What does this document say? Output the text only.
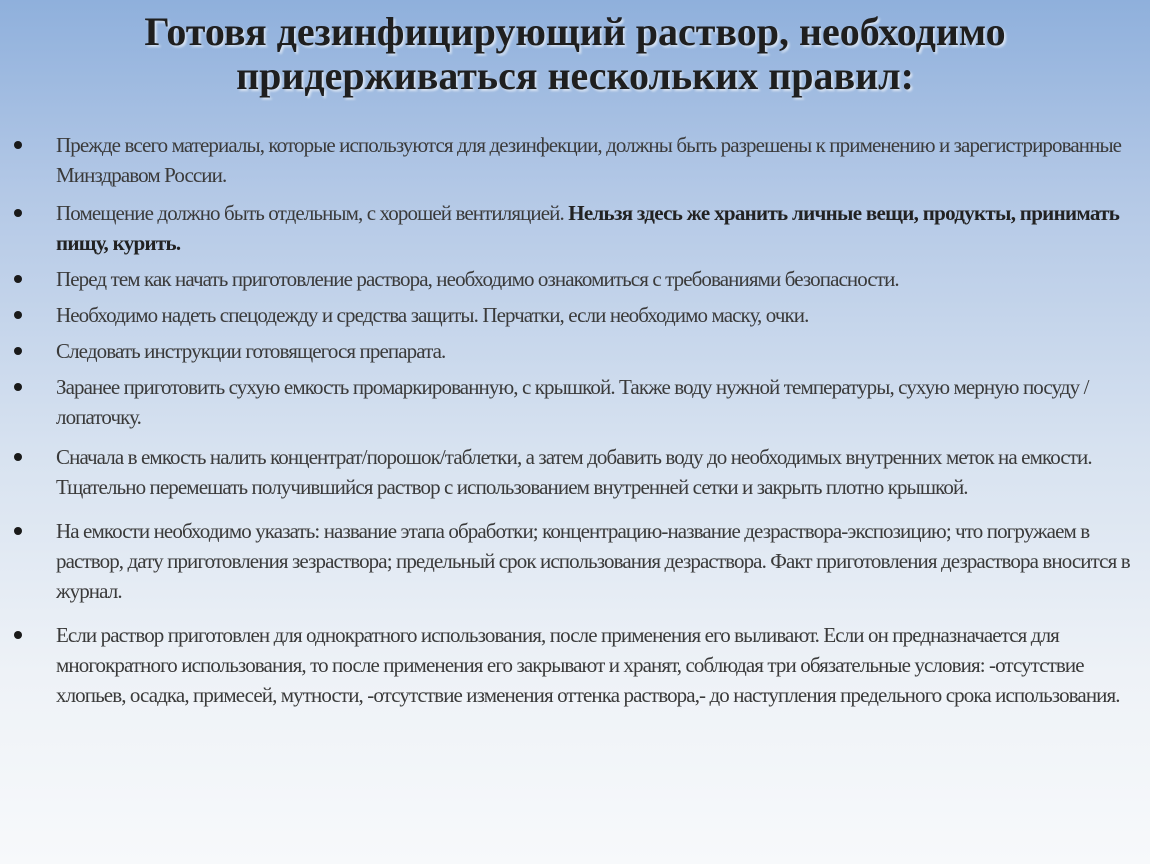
Готовя дезинфицирующий раствор, необходимо придерживаться нескольких правил:
Прежде всего материалы, которые используются для дезинфекции, должны быть разрешены к применению и зарегистрированные Минздравом России.
Помещение должно быть отдельным, с хорошей вентиляцией. Нельзя здесь же хранить личные вещи, продукты, принимать пищу, курить.
Перед тем как начать приготовление раствора, необходимо ознакомиться с требованиями безопасности.
Необходимо надеть спецодежду и средства защиты. Перчатки, если необходимо маску, очки.
Следовать инструкции готовящегося препарата.
Заранее приготовить сухую емкость промаркированную, с крышкой. Также воду нужной температуры, сухую мерную посуду /лопаточку.
Сначала в емкость налить концентрат/порошок/таблетки, а затем добавить воду до необходимых внутренних меток на емкости. Тщательно перемешать получившийся раствор с использованием внутренней сетки и закрыть плотно крышкой.
На емкости необходимо указать: название этапа обработки; концентрацию-название дезраствора-экспозицию; что погружаем в раствор, дату приготовления зезраствора; предельный срок использования дезраствора. Факт приготовления дезраствора вносится в журнал.
Если раствор приготовлен для однократного использования, после применения его выливают. Если он предназначается для многократного использования, то после применения его закрывают и хранят, соблюдая три обязательные условия: -отсутствие хлопьев, осадка, примесей, мутности, -отсутствие изменения оттенка раствора,- до наступления предельного срока использования.
